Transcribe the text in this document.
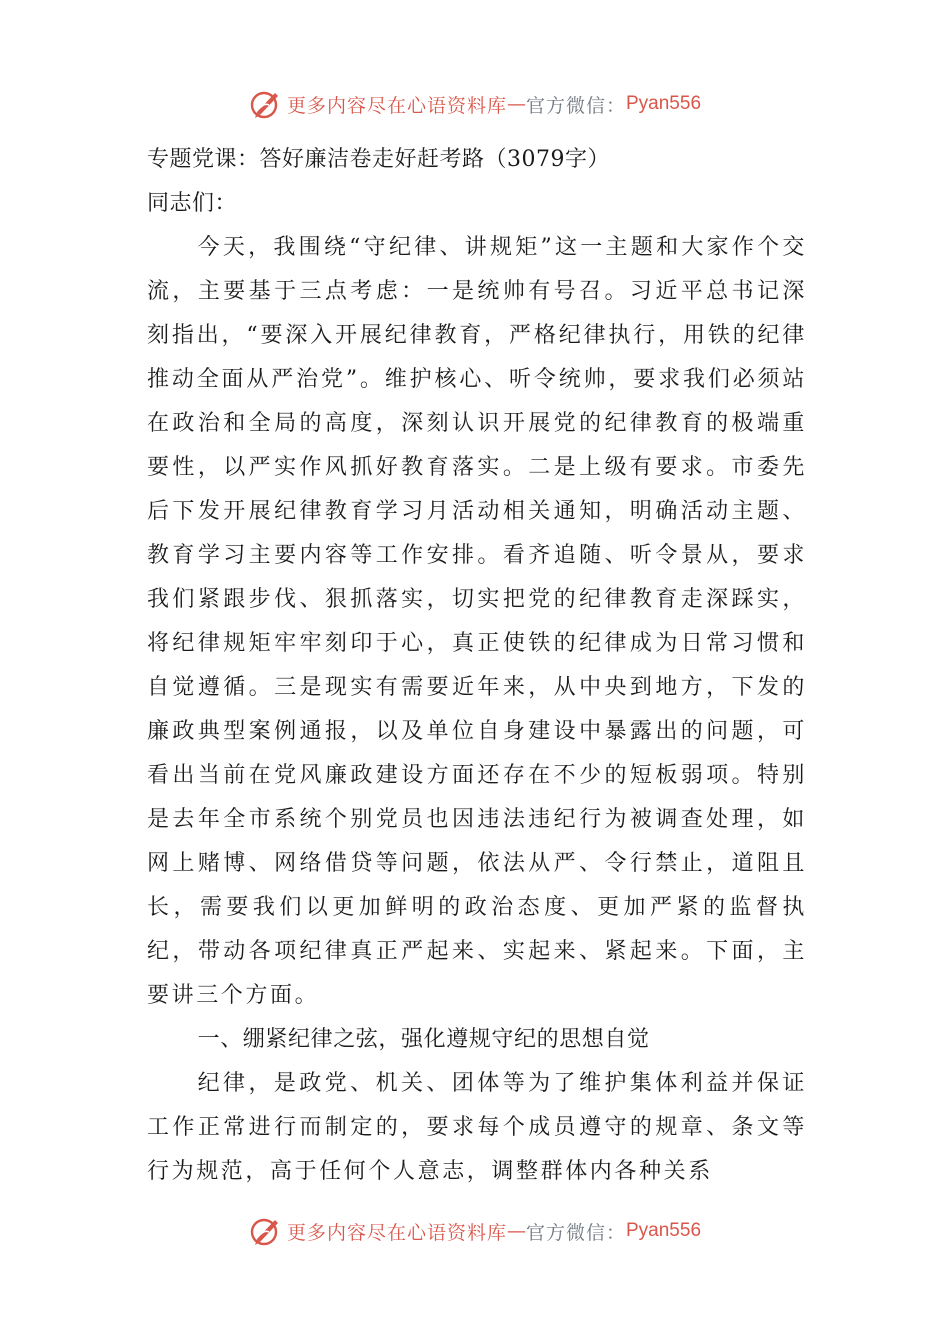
更多内容尽在心语资料库 — 官方微信： Pyan556

专题党课：答好廉洁卷走好赶考路（3079字）

同志们：

今天，我围绕“守纪律、讲规矩”这一主题和大家作个交流，主要基于三点考虑：一是统帅有号召。习近平总书记深刻指出，“要深入开展纪律教育，严格纪律执行，用铁的纪律推动全面从严治党”。维护核心、听令统帅，要求我们必须站在政治和全局的高度，深刻认识开展党的纪律教育的极端重要性，以严实作风抓好教育落实。二是上级有要求。市委先后下发开展纪律教育学习月活动相关通知，明确活动主题、教育学习主要内容等工作安排。看齐追随、听令景从，要求我们紧跟步伐、狠抓落实，切实把党的纪律教育走深踩实，将纪律规矩牢牢刻印于心，真正使铁的纪律成为日常习惯和自觉遵循。三是现实有需要近年来，从中央到地方，下发的廉政典型案例通报，以及单位自身建设中暴露出的问题，可看出当前在党风廉政建设方面还存在不少的短板弱项。特别是去年全市系统个别党员也因违法违纪行为被调查处理，如网上赌博、网络借贷等问题，依法从严、令行禁止，道阻且长，需要我们以更加鲜明的政治态度、更加严紧的监督执纪，带动各项纪律真正严起来、实起来、紧起来。下面，主要讲三个方面。

一、绷紧纪律之弦，强化遵规守纪的思想自觉

纪律，是政党、机关、团体等为了维护集体利益并保证工作正常进行而制定的，要求每个成员遵守的规章、条文等行为规范，高于任何个人意志，调整群体内各种关系

更多内容尽在心语资料库 — 官方微信： Pyan556
